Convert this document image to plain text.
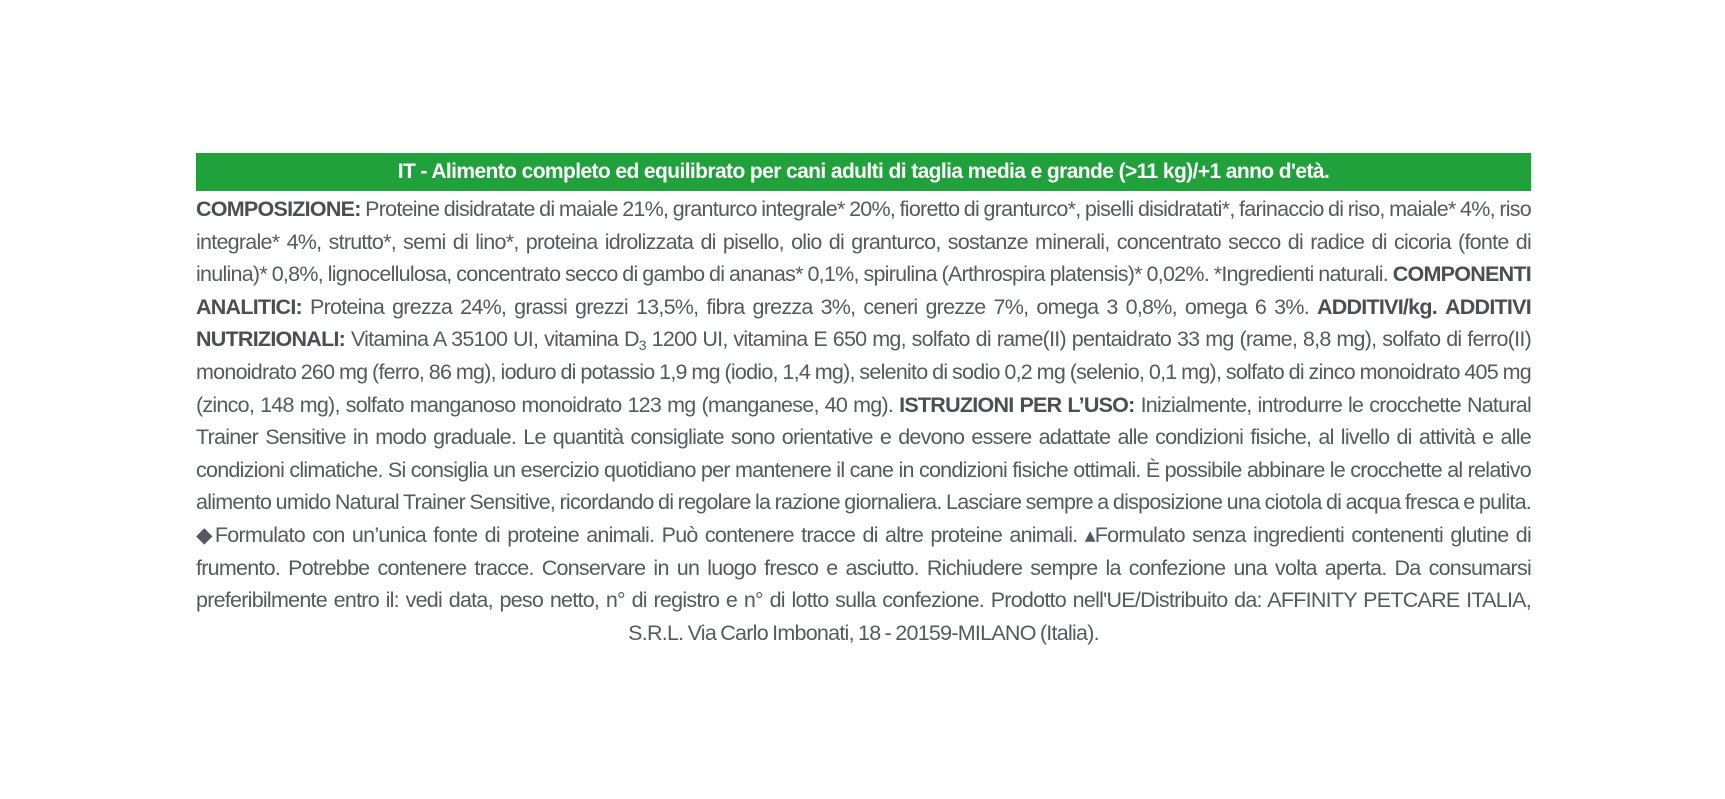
IT - Alimento completo ed equilibrato per cani adulti di taglia media e grande (>11 kg)/+1 anno d'età.
COMPOSIZIONE: Proteine disidratate di maiale 21%, granturco integrale* 20%, fioretto di granturco*, piselli disidratati*, farinaccio di riso, maiale* 4%, riso integrale* 4%, strutto*, semi di lino*, proteina idrolizzata di pisello, olio di granturco, sostanze minerali, concentrato secco di radice di cicoria (fonte di inulina)* 0,8%, lignocellulosa, concentrato secco di gambo di ananas* 0,1%, spirulina (Arthrospira platensis)* 0,02%. *Ingredienti naturali. COMPONENTI ANALITICI: Proteina grezza 24%, grassi grezzi 13,5%, fibra grezza 3%, ceneri grezze 7%, omega 3 0,8%, omega 6 3%. ADDITIVI/kg. ADDITIVI NUTRIZIONALI: Vitamina A 35100 UI, vitamina $D_3$ 1200 UI, vitamina E 650 mg, solfato di rame(II) pentaidrato 33 mg (rame, 8,8 mg), solfato di ferro(II) monoidrato 260 mg (ferro, 86 mg), ioduro di potassio 1,9 mg (iodio, 1,4 mg), selenito di sodio 0,2 mg (selenio, 0,1 mg), solfato di zinco monoidrato 405 mg (zinco, 148 mg), solfato manganoso monoidrato 123 mg (manganese, 40 mg). ISTRUZIONI PER L’USO: Inizialmente, introdurre le crocchette Natural Trainer Sensitive in modo graduale. Le quantità consigliate sono orientative e devono essere adattate alle condizioni fisiche, al livello di attività e alle condizioni climatiche. Si consiglia un esercizio quotidiano per mantenere il cane in condizioni fisiche ottimali. È possibile abbinare le crocchette al relativo alimento umido Natural Trainer Sensitive, ricordando di regolare la razione giornaliera. Lasciare sempre a disposizione una ciotola di acqua fresca e pulita. ◆Formulato con un’unica fonte di proteine animali. Può contenere tracce di altre proteine animali. ▴Formulato senza ingredienti contenenti glutine di frumento. Potrebbe contenere tracce. Conservare in un luogo fresco e asciutto. Richiudere sempre la confezione una volta aperta. Da consumarsi preferibilmente entro il: vedi data, peso netto, n° di registro e n° di lotto sulla confezione. Prodotto nell'UE/Distribuito da: AFFINITY PETCARE ITALIA, S.R.L. Via Carlo Imbonati, 18 - 20159-MILANO (Italia).
